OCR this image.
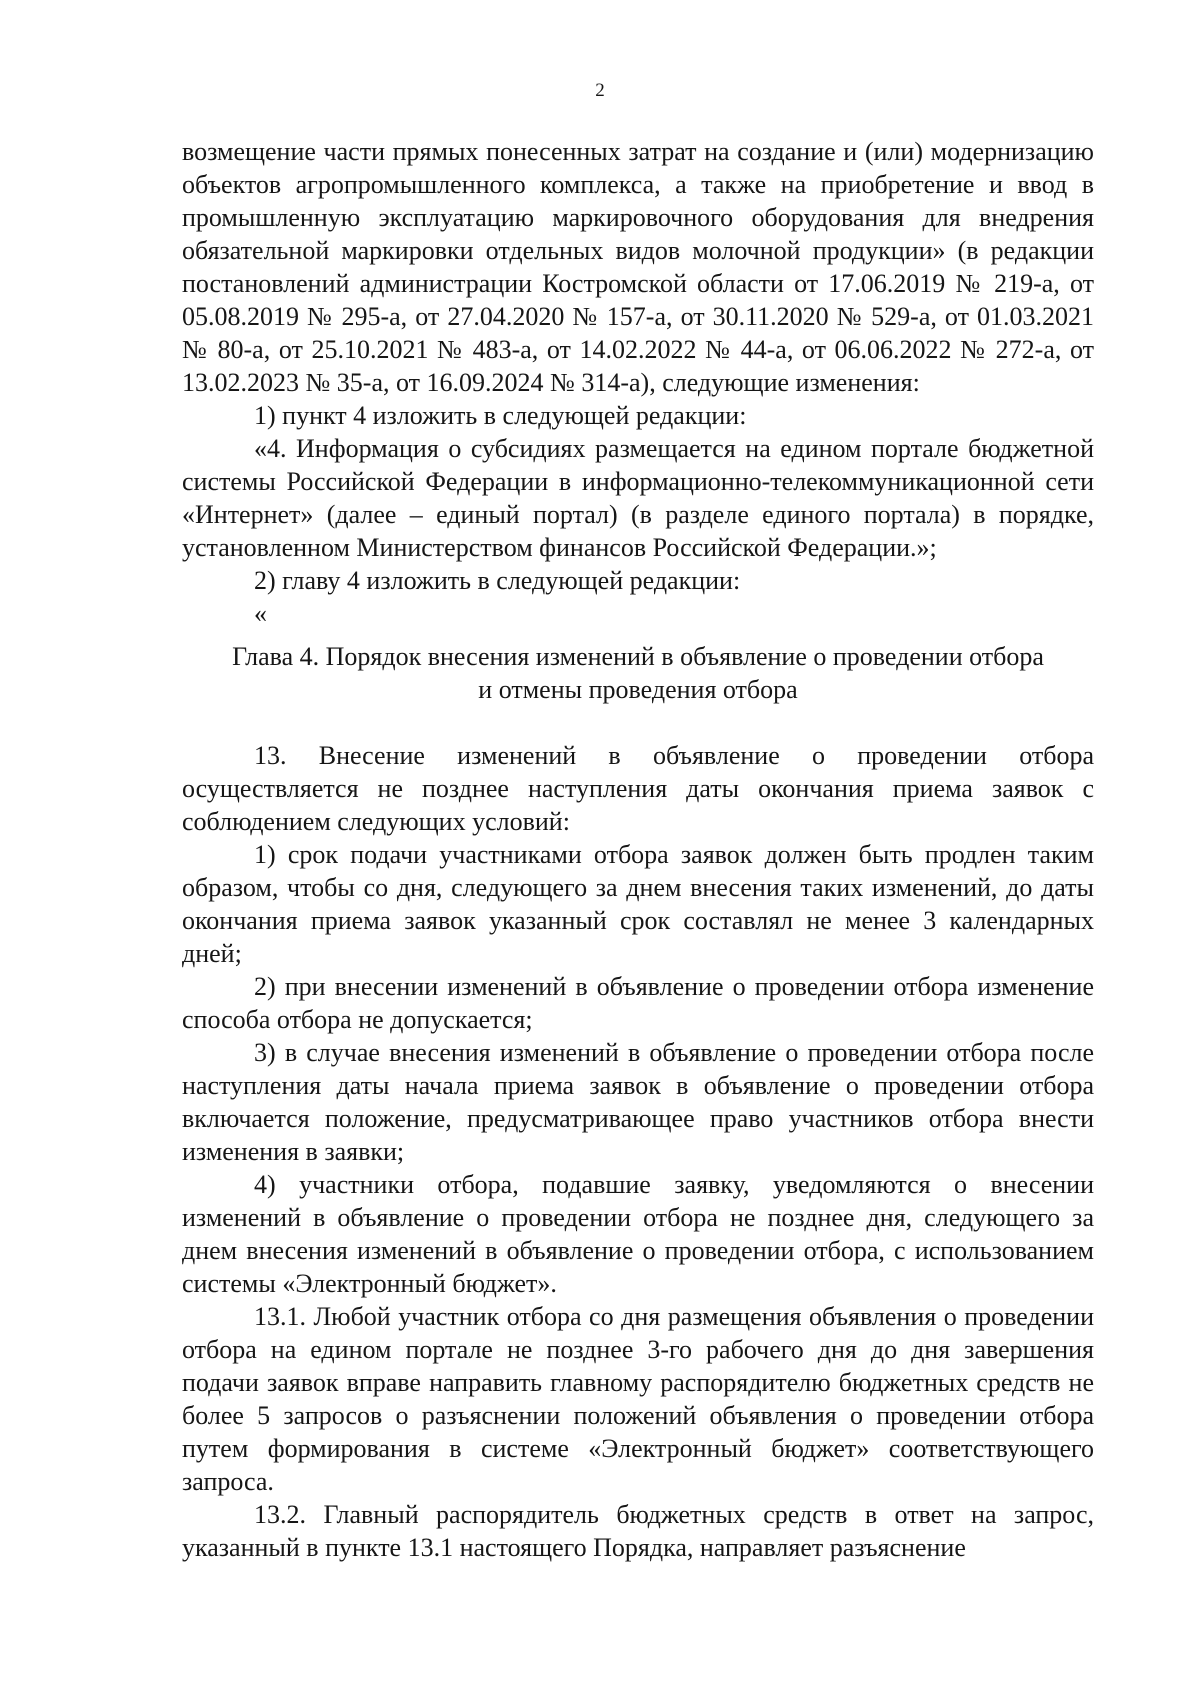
2

возмещение части прямых понесенных затрат на создание и (или) модернизацию объектов агропромышленного комплекса, а также на приобретение и ввод в промышленную эксплуатацию маркировочного оборудования для внедрения обязательной маркировки отдельных видов молочной продукции» (в редакции постановлений администрации Костромской области от 17.06.2019 № 219-а, от 05.08.2019 № 295-а, от 27.04.2020 № 157-а, от 30.11.2020 № 529-а, от 01.03.2021 № 80-а, от 25.10.2021 № 483-а, от 14.02.2022 № 44-а, от 06.06.2022 № 272-а, от 13.02.2023 № 35-а, от 16.09.2024 № 314-а), следующие изменения:

1) пункт 4 изложить в следующей редакции:

«4. Информация о субсидиях размещается на едином портале бюджетной системы Российской Федерации в информационно-телекоммуникационной сети «Интернет» (далее – единый портал) (в разделе единого портала) в порядке, установленном Министерством финансов Российской Федерации.»;

2) главу 4 изложить в следующей редакции:

«

Глава 4. Порядок внесения изменений в объявление о проведении отбора

и отмены проведения отбора

13. Внесение изменений в объявление о проведении отбора осуществляется не позднее наступления даты окончания приема заявок с соблюдением следующих условий:

1) срок подачи участниками отбора заявок должен быть продлен таким образом, чтобы со дня, следующего за днем внесения таких изменений, до даты окончания приема заявок указанный срок составлял не менее 3 календарных дней;

2) при внесении изменений в объявление о проведении отбора изменение способа отбора не допускается;

3) в случае внесения изменений в объявление о проведении отбора после наступления даты начала приема заявок в объявление о проведении отбора включается положение, предусматривающее право участников отбора внести изменения в заявки;

4) участники отбора, подавшие заявку, уведомляются о внесении изменений в объявление о проведении отбора не позднее дня, следующего за днем внесения изменений в объявление о проведении отбора, с использованием системы «Электронный бюджет».

13.1. Любой участник отбора со дня размещения объявления о проведении отбора на едином портале не позднее 3-го рабочего дня до дня завершения подачи заявок вправе направить главному распорядителю бюджетных средств не более 5 запросов о разъяснении положений объявления о проведении отбора путем формирования в системе «Электронный бюджет» соответствующего запроса.

13.2. Главный распорядитель бюджетных средств в ответ на запрос, указанный в пункте 13.1 настоящего Порядка, направляет разъяснение
